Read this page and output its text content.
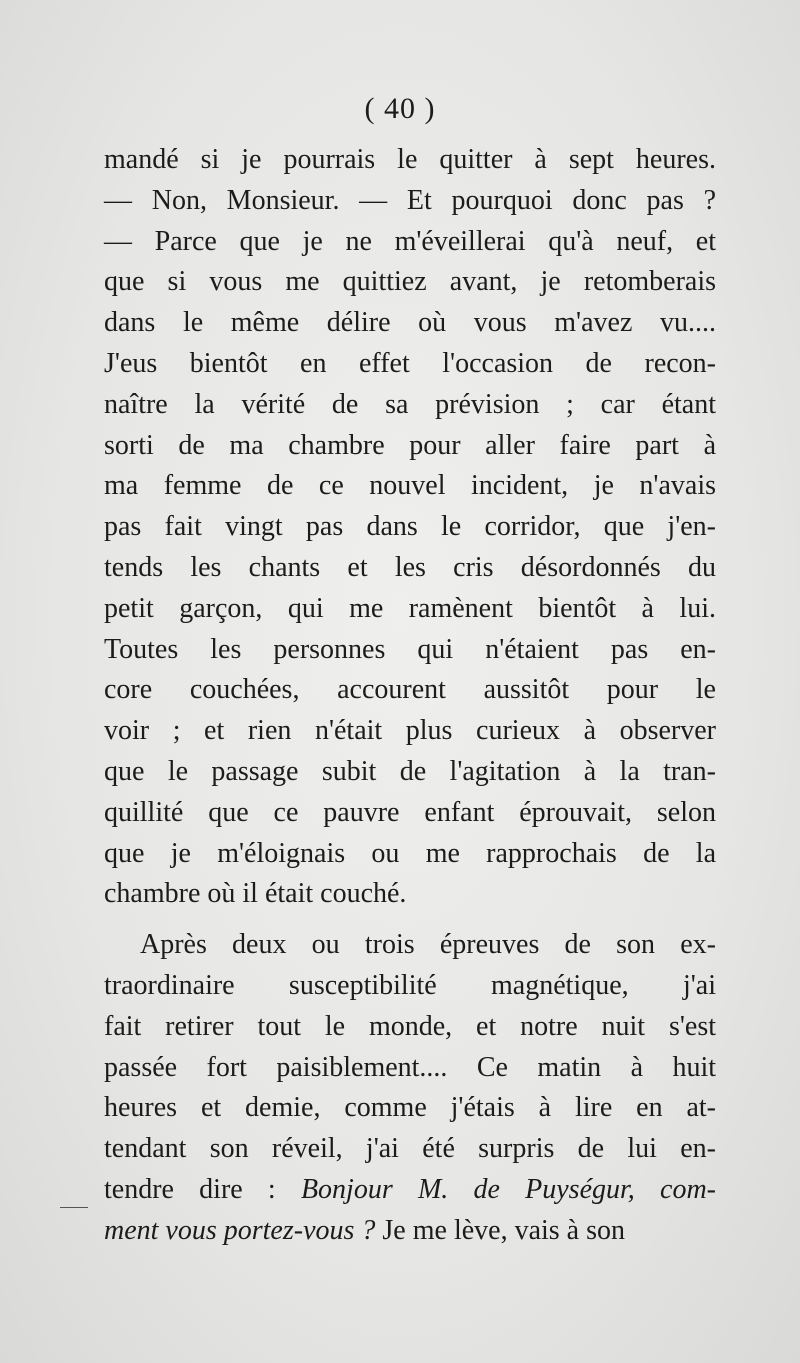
( 40 )
mandé si je pourrais le quitter à sept heures.
— Non, Monsieur. — Et pourquoi donc pas ?
— Parce que je ne m'éveillerai qu'à neuf, et
que si vous me quittiez avant, je retomberais
dans le même délire où vous m'avez vu....
J'eus bientôt en effet l'occasion de recon-
naître la vérité de sa prévision ; car étant
sorti de ma chambre pour aller faire part à
ma femme de ce nouvel incident, je n'avais
pas fait vingt pas dans le corridor, que j'en-
tends les chants et les cris désordonnés du
petit garçon, qui me ramènent bientôt à lui.
Toutes les personnes qui n'étaient pas en-
core couchées, accourent aussitôt pour le
voir ; et rien n'était plus curieux à observer
que le passage subit de l'agitation à la tran-
quillité que ce pauvre enfant éprouvait, selon
que je m'éloignais ou me rapprochais de la
chambre où il était couché.
Après deux ou trois épreuves de son ex-
traordinaire susceptibilité magnétique, j'ai
fait retirer tout le monde, et notre nuit s'est
passée fort paisiblement.... Ce matin à huit
heures et demie, comme j'étais à lire en at-
tendant son réveil, j'ai été surpris de lui en-
tendre dire : Bonjour M. de Puységur, com-
ment vous portez-vous ? Je me lève, vais à son
